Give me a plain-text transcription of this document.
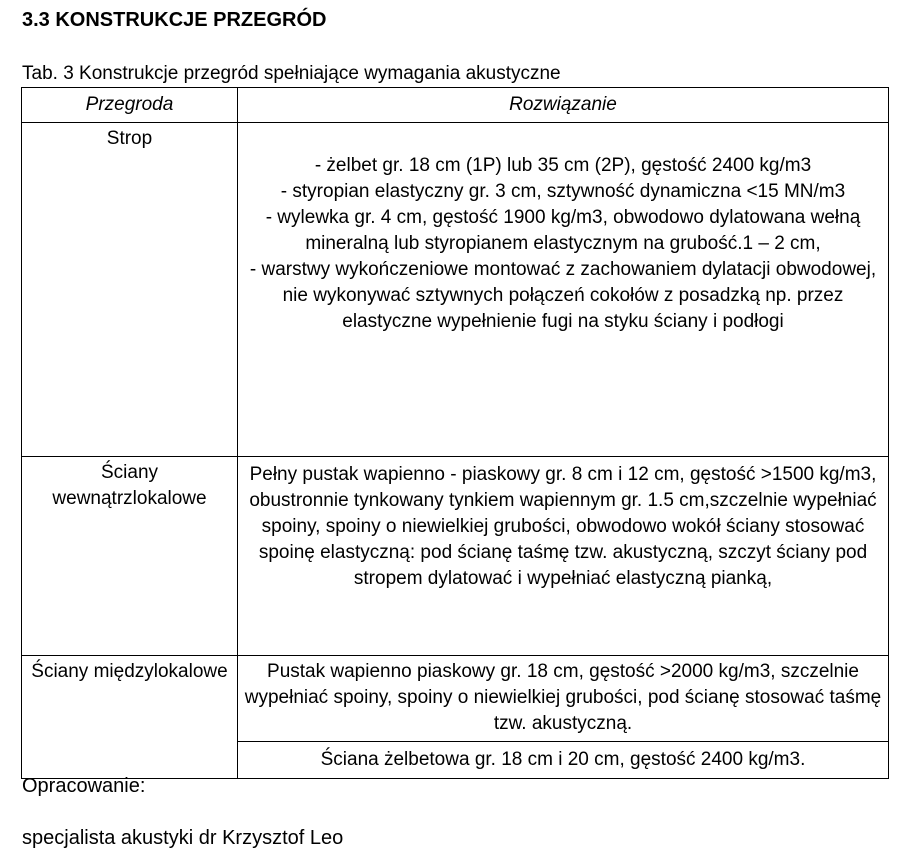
3.3 KONSTRUKCJE PRZEGRÓD
Tab. 3 Konstrukcje przegród spełniające wymagania akustyczne
Przegroda	Rozwiązanie
Strop	- żelbet gr. 18 cm (1P) lub 35 cm (2P), gęstość 2400 kg/m3

- styropian elastyczny gr. 3 cm, sztywność dynamiczna <15 MN/m3

- wylewka gr. 4 cm, gęstość 1900 kg/m3, obwodowo dylatowana wełną mineralną lub styropianem elastycznym na grubość.1 – 2 cm,

- warstwy wykończeniowe montować z zachowaniem dylatacji obwodowej, nie wykonywać sztywnych połączeń cokołów z posadzką np. przez elastyczne wypełnienie fugi na styku ściany i podłogi

Ściany wewnątrzlokalowe	Pełny pustak wapienno - piaskowy gr. 8 cm i 12 cm, gęstość >1500 kg/m3, obustronnie tynkowany tynkiem wapiennym gr. 1.5 cm,szczelnie wypełniać spoiny, spoiny o niewielkiej grubości, obwodowo wokół ściany stosować spoinę elastyczną: pod ścianę taśmę tzw. akustyczną, szczyt ściany pod stropem dylatować i wypełniać elastyczną pianką,

Ściany międzylokalowe	Pustak wapienno piaskowy gr. 18 cm, gęstość >2000 kg/m3, szczelnie wypełniać spoiny, spoiny o niewielkiej grubości, pod ścianę stosować taśmę tzw. akustyczną.

	Ściana żelbetowa gr. 18 cm i 20 cm, gęstość 2400 kg/m3.

Opracowanie:
specjalista akustyki dr Krzysztof Leo
